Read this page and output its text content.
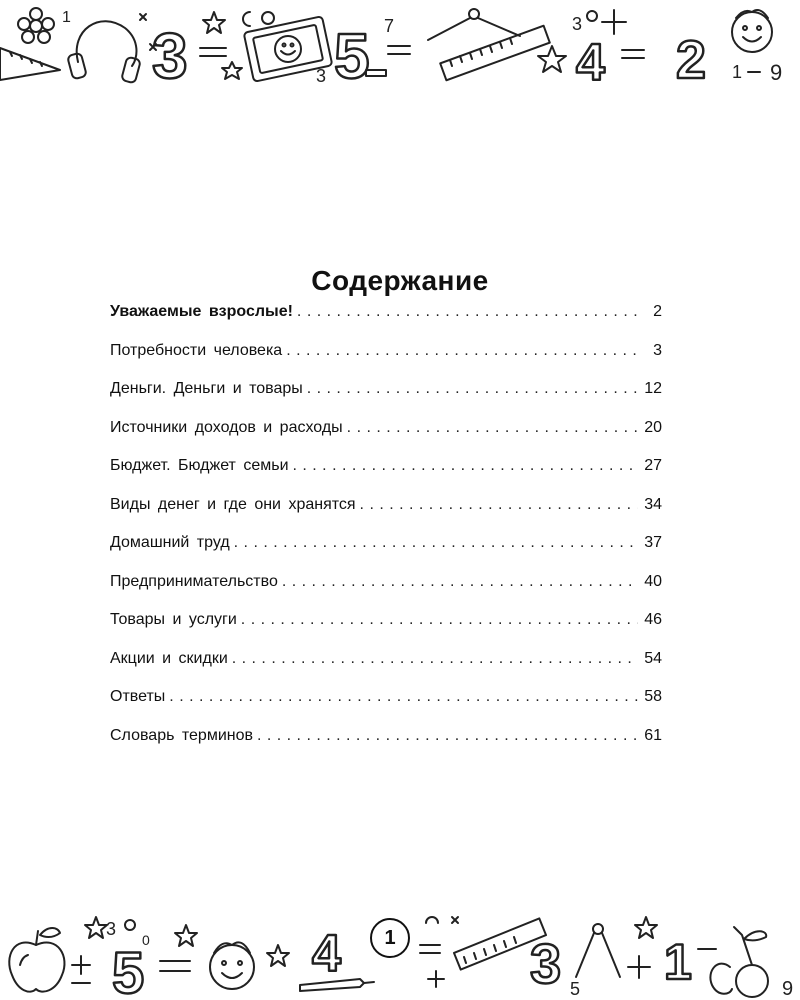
3 5 7
3
3
4 2 1 9
1
Содержание
Уважаемые взрослые! . . .	2
Потребности человека . . .	3
Деньги. Деньги и товары . . .	12
Источники доходов и расходы . . .	20
Бюджет. Бюджет семьи . . .	27
Виды денег и где они хранятся . . .	34
Домашний труд . . .	37
Предпринимательство . . .	40
Товары и услуги . . .	46
Акции и скидки . . .	54
Ответы . . .	58
Словарь терминов . . .	61
3
5	4	3 5 1	9
0	1
